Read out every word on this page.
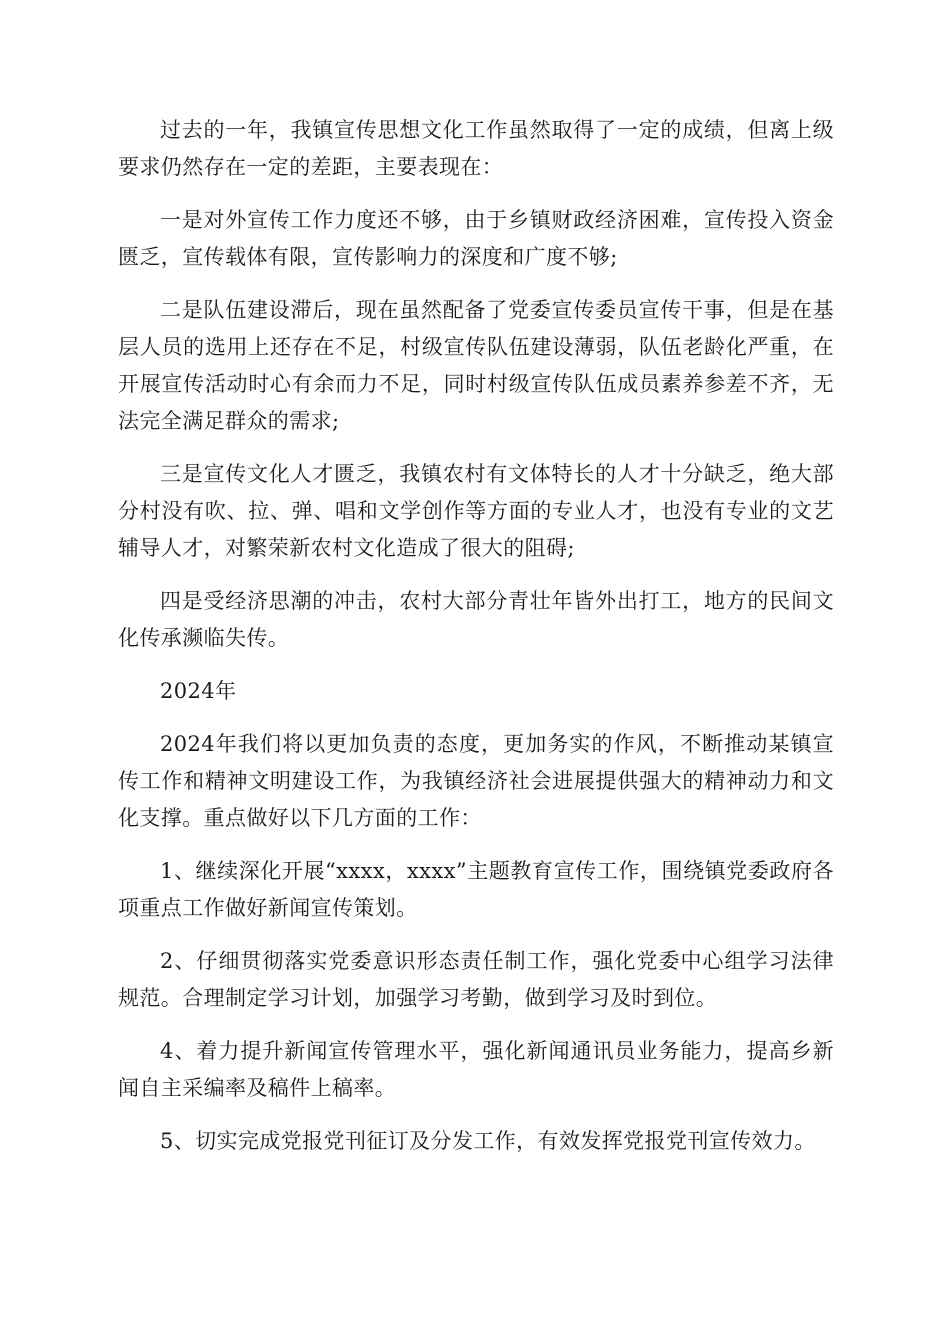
过去的一年，我镇宣传思想文化工作虽然取得了一定的成绩，但离上级要求仍然存在一定的差距，主要表现在：

一是对外宣传工作力度还不够，由于乡镇财政经济困难，宣传投入资金匮乏，宣传载体有限，宣传影响力的深度和广度不够;

二是队伍建设滞后，现在虽然配备了党委宣传委员宣传干事，但是在基层人员的选用上还存在不足，村级宣传队伍建设薄弱，队伍老龄化严重，在开展宣传活动时心有余而力不足，同时村级宣传队伍成员素养参差不齐，无法完全满足群众的需求;

三是宣传文化人才匮乏，我镇农村有文体特长的人才十分缺乏，绝大部分村没有吹、拉、弹、唱和文学创作等方面的专业人才，也没有专业的文艺辅导人才，对繁荣新农村文化造成了很大的阻碍;

四是受经济思潮的冲击，农村大部分青壮年皆外出打工，地方的民间文化传承濒临失传。

2024年

2024年我们将以更加负责的态度，更加务实的作风，不断推动某镇宣传工作和精神文明建设工作，为我镇经济社会进展提供强大的精神动力和文化支撑。重点做好以下几方面的工作：

1、继续深化开展“xxxx，xxxx”主题教育宣传工作，围绕镇党委政府各项重点工作做好新闻宣传策划。

2、仔细贯彻落实党委意识形态责任制工作，强化党委中心组学习法律规范。合理制定学习计划，加强学习考勤，做到学习及时到位。

4、着力提升新闻宣传管理水平，强化新闻通讯员业务能力，提高乡新闻自主采编率及稿件上稿率。

5、切实完成党报党刊征订及分发工作，有效发挥党报党刊宣传效力。
